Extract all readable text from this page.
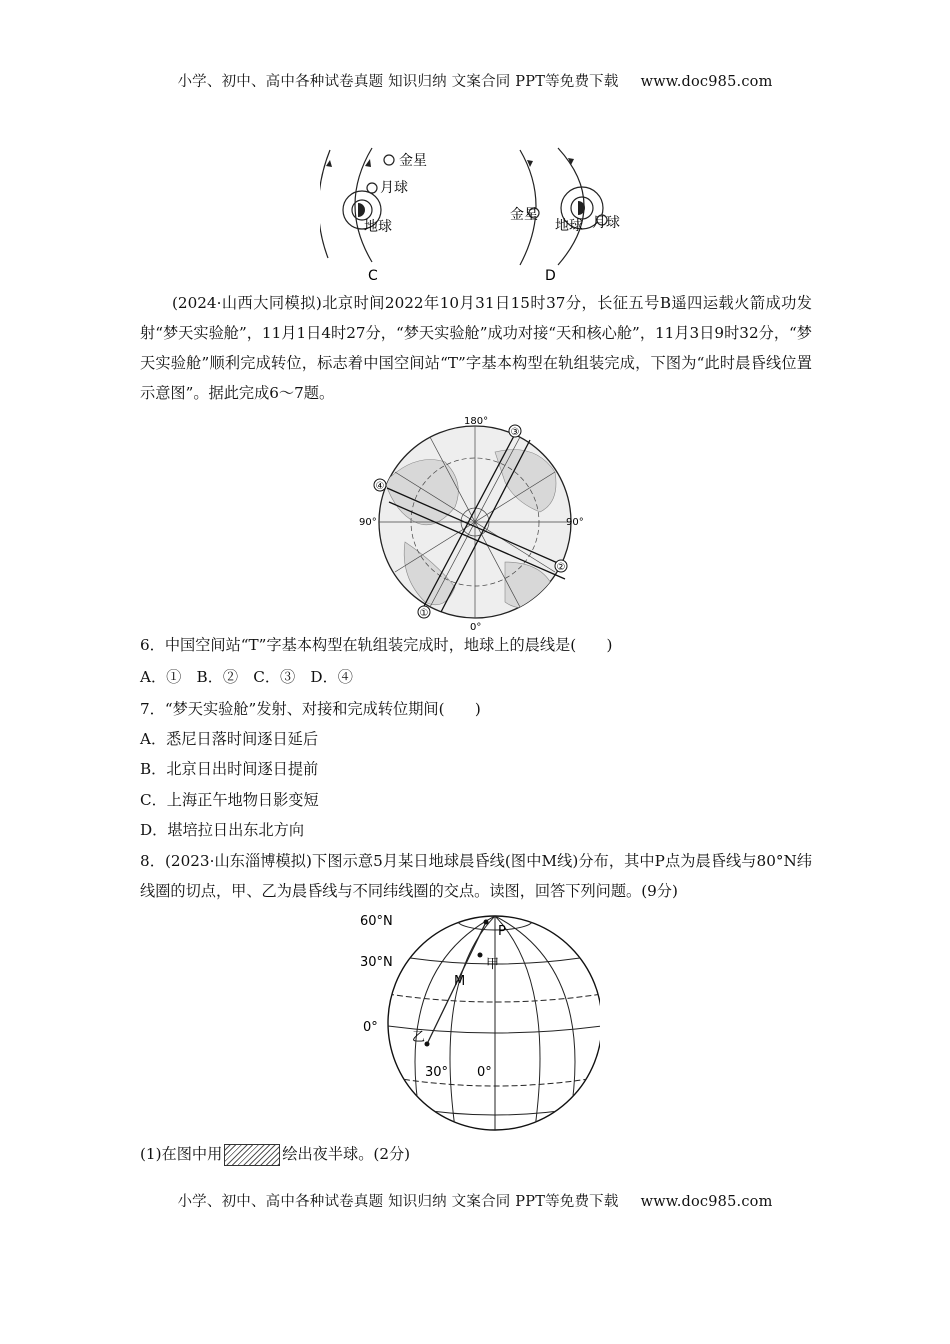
小学、初中、高中各种试卷真题 知识归纳 文案合同 PPT等免费下载 www.doc985.com
金星
月球
地球
C
金星
地球 月球
D
(2024·山西大同模拟)北京时间2022年10月31日15时37分，长征五号B遥四运载火箭成功发射“梦天实验舱”，11月1日4时27分，“梦天实验舱”成功对接“天和核心舱”，11月3日9时32分，“梦天实验舱”顺利完成转位，标志着中国空间站“T”字基本构型在轨组装完成，下图为“此时晨昏线位置示意图”。据此完成6～7题。
③
①
④
②
180°
0°
90°	90°
6．中国空间站“T”字基本构型在轨组装完成时，地球上的晨线是(　　)
A．①　B．②　C．③　D．④
7．“梦天实验舱”发射、对接和完成转位期间(　　)
A．悉尼日落时间逐日延后
B．北京日出时间逐日提前
C．上海正午地物日影变短
D．堪培拉日出东北方向
8．(2023·山东淄博模拟)下图示意5月某日地球晨昏线(图中M线)分布，其中P点为晨昏线与80°N纬线圈的切点，甲、乙为晨昏线与不同纬线圈的交点。读图，回答下列问题。(9分)
60°N
30°N
0°
30° 0°
P
M
甲
乙
(1)在图中用	绘出夜半球。(2分)
小学、初中、高中各种试卷真题 知识归纳 文案合同 PPT等免费下载 www.doc985.com
